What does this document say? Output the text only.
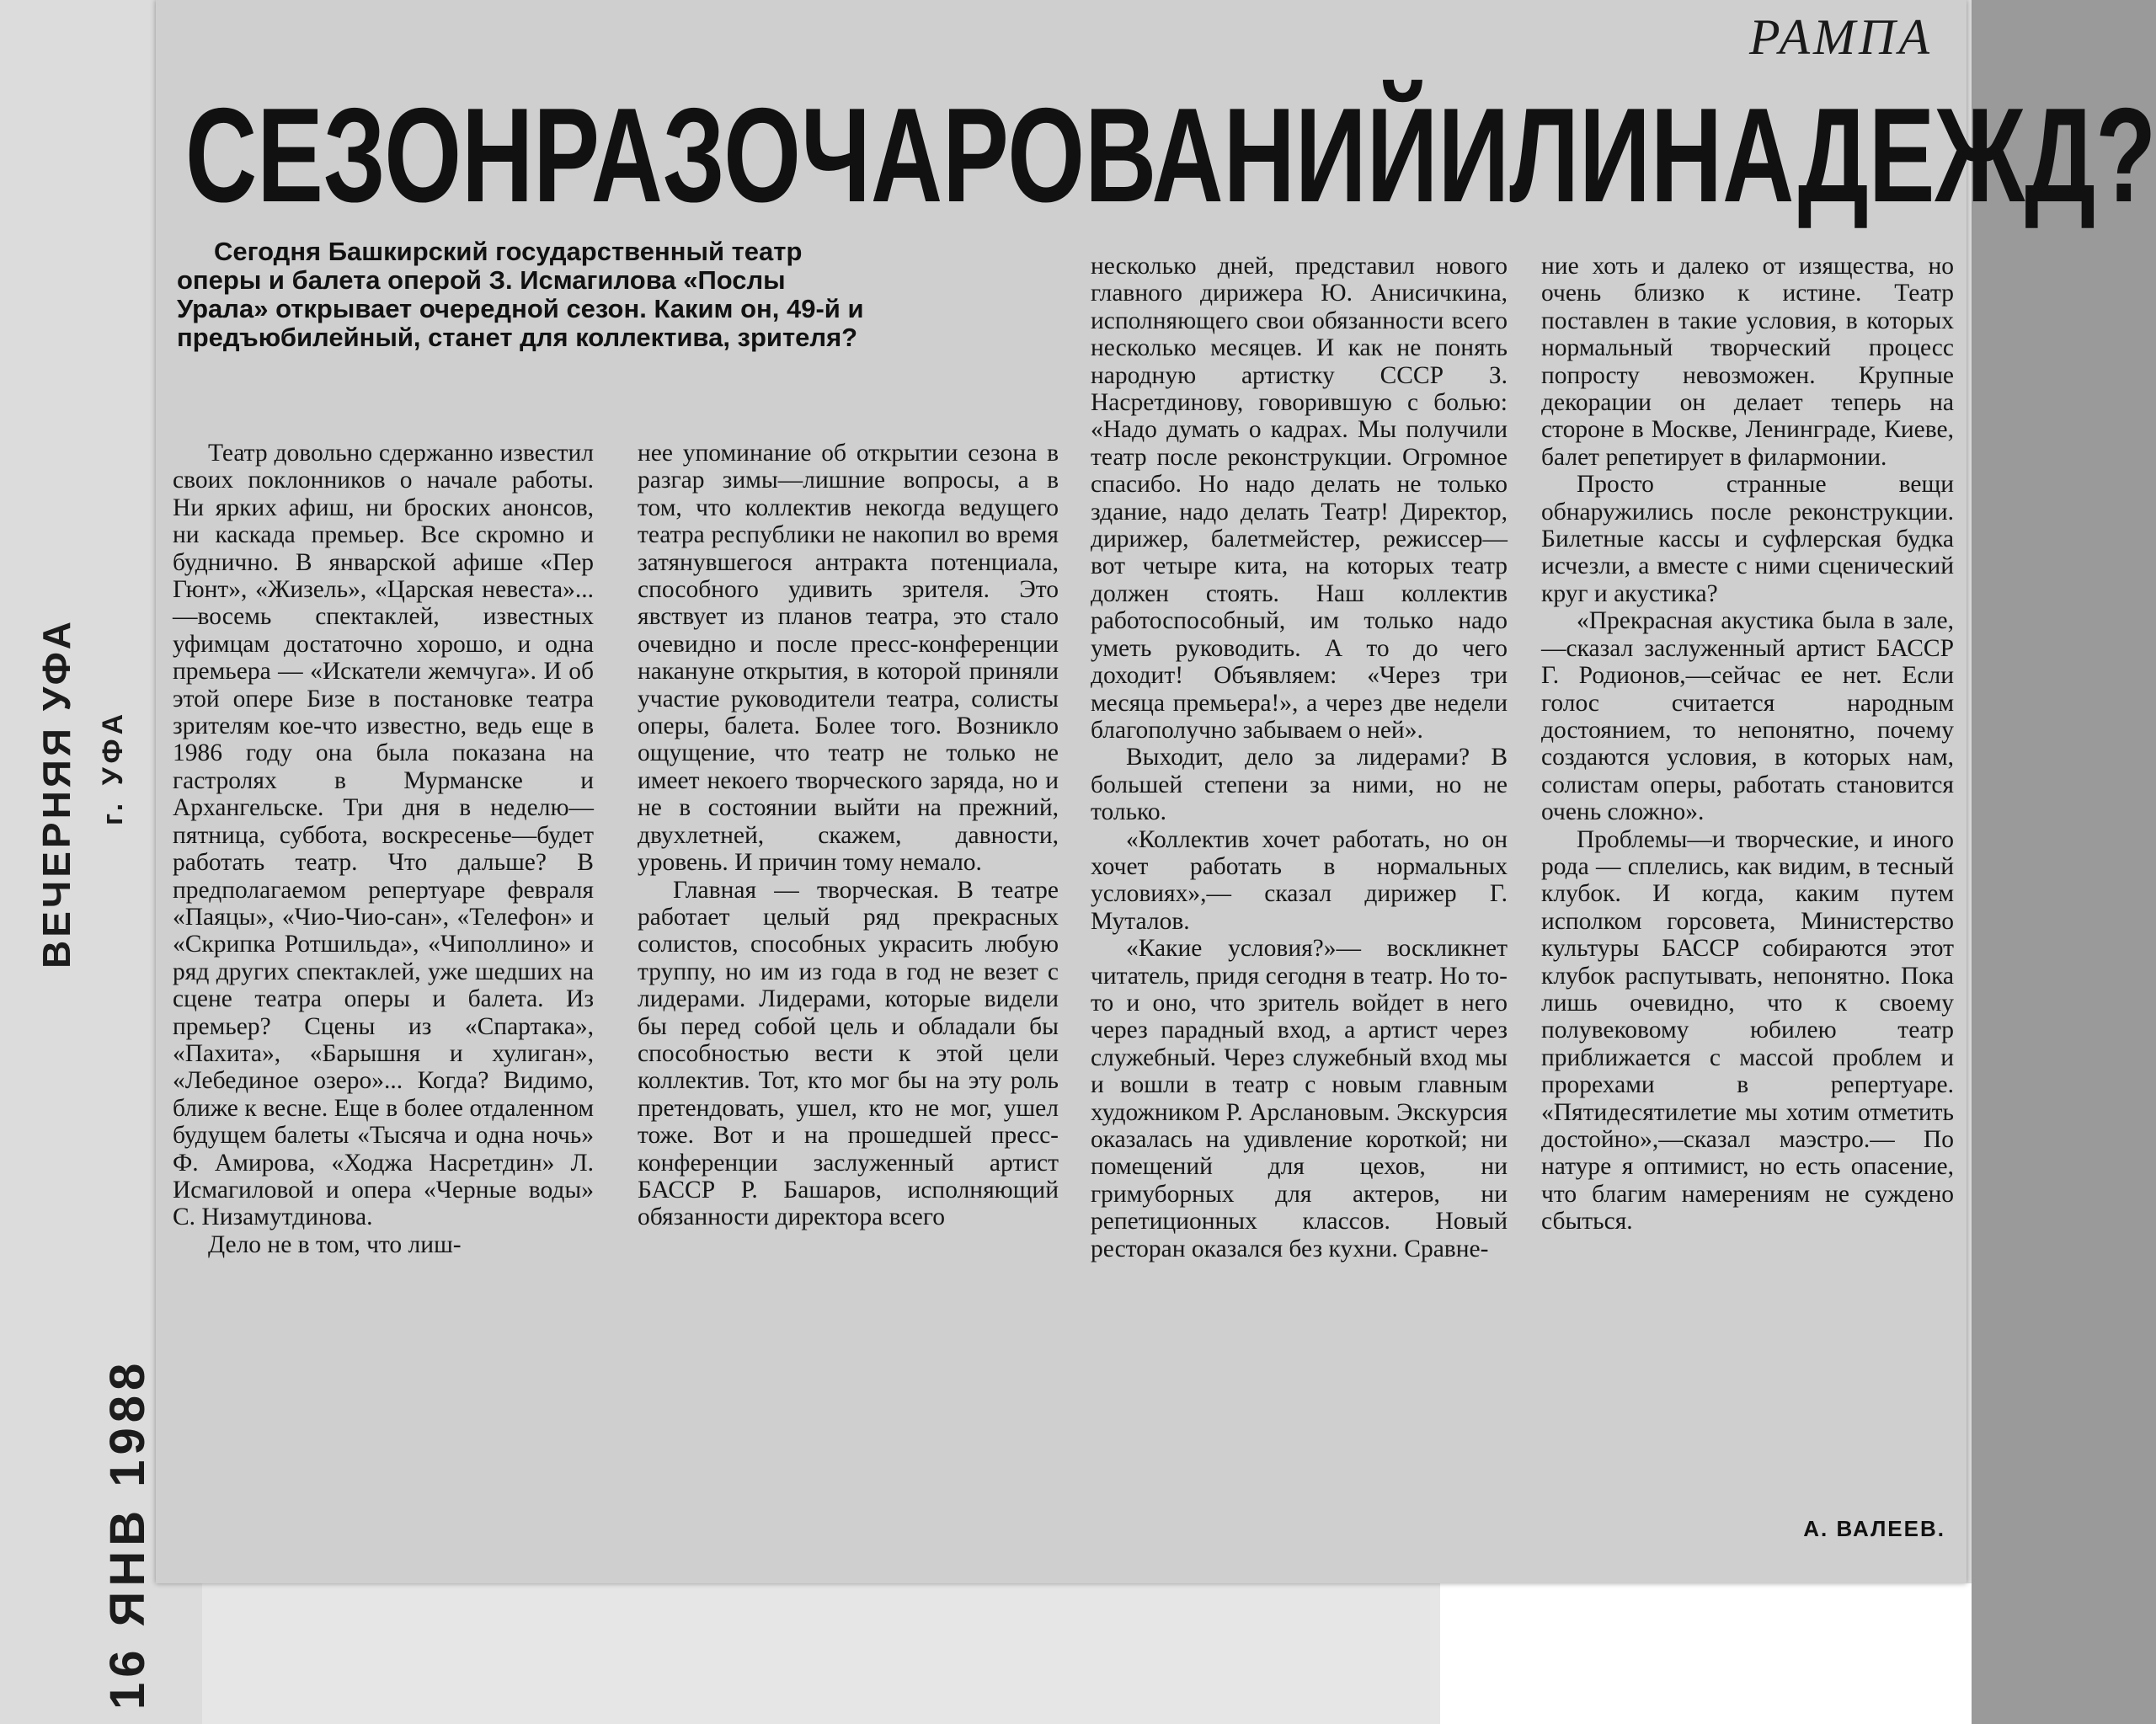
ВЕЧЕРНЯЯ УФА г. УФА
16 ЯНВ 1988
РАМПА
СЕЗОН РАЗОЧАРОВАНИЙ ИЛИ НАДЕЖД?
Сегодня Башкирский государственный театр оперы и балета оперой З. Исмагилова «Послы Урала» открывает очередной сезон. Каким он, 49-й и предъюбилейный, станет для коллектива, зрителя?

Театр довольно сдержанно известил своих поклонников о начале работы. Ни ярких афиш, ни броских анонсов, ни каскада премьер. Все скромно и буднично. В январской афише «Пер Гюнт», «Жизель», «Царская невеста»...—восемь спектаклей, известных уфимцам достаточно хорошо, и одна премьера — «Искатели жемчуга». И об этой опере Бизе в постановке театра зрителям кое-что известно, ведь еще в 1986 году она была показана на гастролях в Мурманске и Архангельске. Три дня в неделю—пятница, суббота, воскресенье—будет работать театр. Что дальше? В предполагаемом репертуаре февраля «Паяцы», «Чио-Чио-сан», «Телефон» и «Скрипка Ротшильда», «Чиполлино» и ряд других спектаклей, уже шедших на сцене театра оперы и балета. Из премьер? Сцены из «Спартака», «Пахита», «Барышня и хулиган», «Лебединое озеро»... Когда? Видимо, ближе к весне. Еще в более отдаленном будущем балеты «Тысяча и одна ночь» Ф. Амирова, «Ходжа Насретдин» Л. Исмагиловой и опера «Черные воды» С. Низамутдинова.

Дело не в том, что лиш-

нее упоминание об открытии сезона в разгар зимы—лишние вопросы, а в том, что коллектив некогда ведущего театра республики не накопил во время затянувшегося антракта потенциала, способного удивить зрителя. Это явствует из планов театра, это стало очевидно и после пресс-конференции накануне открытия, в которой приняли участие руководители театра, солисты оперы, балета. Более того. Возникло ощущение, что театр не только не имеет некоего творческого заряда, но и не в состоянии выйти на прежний, двухлетней, скажем, давности, уровень. И причин тому немало.

Главная — творческая. В театре работает целый ряд прекрасных солистов, способных украсить любую труппу, но им из года в год не везет с лидерами. Лидерами, которые видели бы перед собой цель и обладали бы способностью вести к этой цели коллектив. Тот, кто мог бы на эту роль претендовать, ушел, кто не мог, ушел тоже. Вот и на прошедшей пресс-конференции заслуженный артист БАССР Р. Башаров, исполняющий обязанности директора всего

несколько дней, представил нового главного дирижера Ю. Анисичкина, исполняющего свои обязанности всего несколько месяцев. И как не понять народную артистку СССР З. Насретдинову, говорившую с болью: «Надо думать о кадрах. Мы получили театр после реконструкции. Огромное спасибо. Но надо делать не только здание, надо делать Театр! Директор, дирижер, балетмейстер, режиссер—вот четыре кита, на которых театр должен стоять. Наш коллектив работоспособный, им только надо уметь руководить. А то до чего доходит! Объявляем: «Через три месяца премьера!», а через две недели благополучно забываем о ней».

Выходит, дело за лидерами? В большей степени за ними, но не только.

«Коллектив хочет работать, но он хочет работать в нормальных условиях»,— сказал дирижер Г. Муталов.

«Какие условия?»— воскликнет читатель, придя сегодня в театр. Но то-то и оно, что зритель войдет в него через парадный вход, а артист через служебный. Через служебный вход мы и вошли в театр с новым главным художником Р. Арслановым. Экскурсия оказалась на удивление короткой; ни помещений для цехов, ни гримуборных для актеров, ни репетиционных классов. Новый ресторан оказался без кухни. Сравне-

ние хоть и далеко от изящества, но очень близко к истине. Театр поставлен в такие условия, в которых нормальный творческий процесс попросту невозможен. Крупные декорации он делает теперь на стороне в Москве, Ленинграде, Киеве, балет репетирует в филармонии.

Просто странные вещи обнаружились после реконструкции. Билетные кассы и суфлерская будка исчезли, а вместе с ними сценический круг и акустика?

«Прекрасная акустика была в зале,—сказал заслуженный артист БАССР Г. Родионов,—сейчас ее нет. Если голос считается народным достоянием, то непонятно, почему создаются условия, в которых нам, солистам оперы, работать становится очень сложно».

Проблемы—и творческие, и иного рода — сплелись, как видим, в тесный клубок. И когда, каким путем исполком горсовета, Министерство культуры БАССР собираются этот клубок распутывать, непонятно. Пока лишь очевидно, что к своему полувековому юбилею театр приближается с массой проблем и прорехами в репертуаре. «Пятидесятилетие мы хотим отметить достойно»,—сказал маэстро.— По натуре я оптимист, но есть опасение, что благим намерениям не суждено сбыться.

А. ВАЛЕЕВ.
